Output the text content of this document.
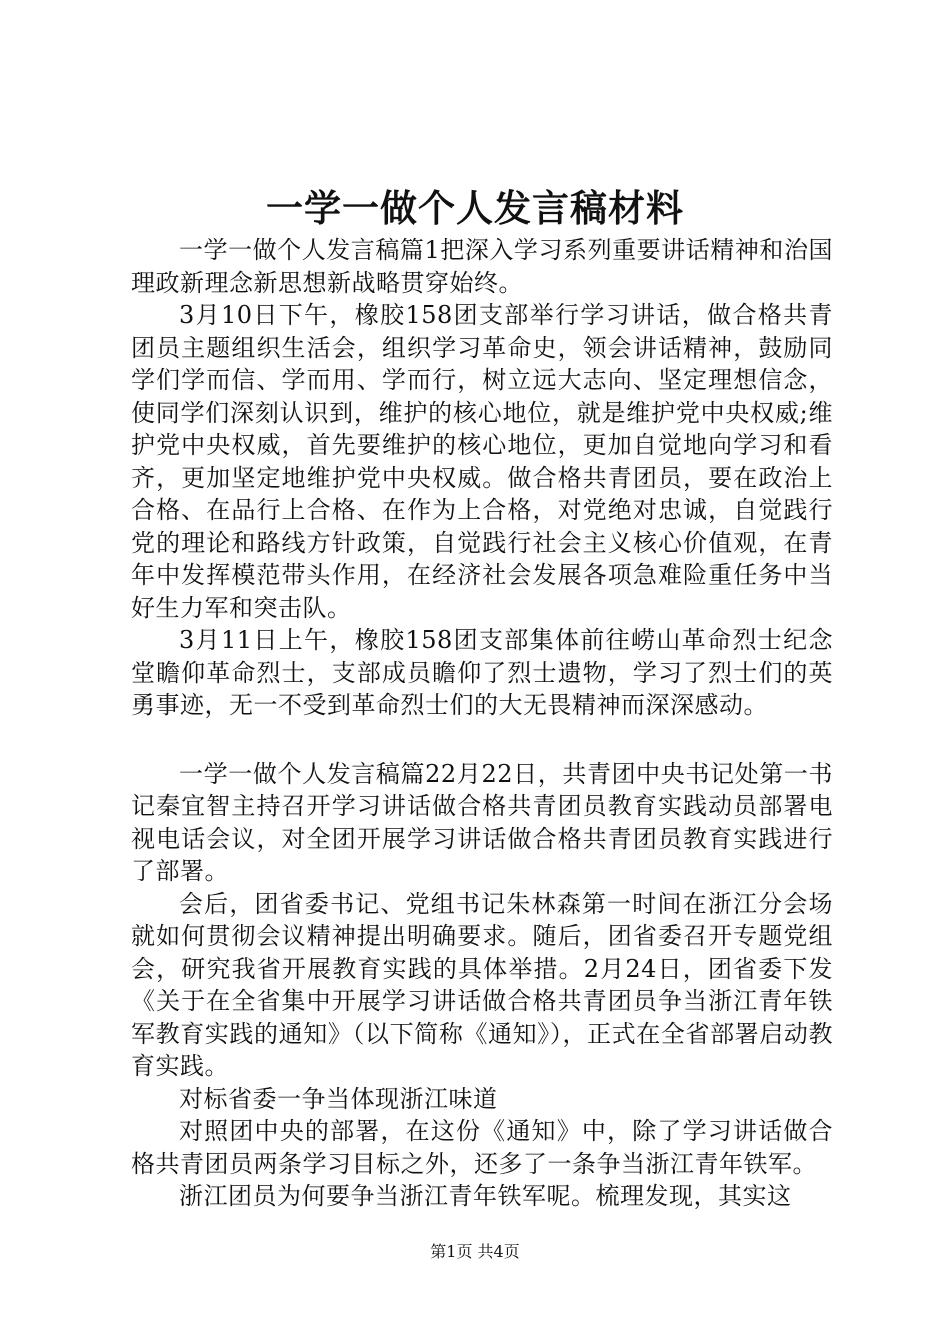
一学一做个人发言稿材料

一学一做个人发言稿篇1把深入学习系列重要讲话精神和治国理政新理念新思想新战略贯穿始终。

3月10日下午，橡胶158团支部举行学习讲话，做合格共青团员主题组织生活会，组织学习革命史，领会讲话精神，鼓励同学们学而信、学而用、学而行，树立远大志向、坚定理想信念，使同学们深刻认识到，维护的核心地位，就是维护党中央权威;维护党中央权威，首先要维护的核心地位，更加自觉地向学习和看齐，更加坚定地维护党中央权威。做合格共青团员，要在政治上合格、在品行上合格、在作为上合格，对党绝对忠诚，自觉践行党的理论和路线方针政策，自觉践行社会主义核心价值观，在青年中发挥模范带头作用，在经济社会发展各项急难险重任务中当好生力军和突击队。

3月11日上午，橡胶158团支部集体前往崂山革命烈士纪念堂瞻仰革命烈士，支部成员瞻仰了烈士遗物，学习了烈士们的英勇事迹，无一不受到革命烈士们的大无畏精神而深深感动。

一学一做个人发言稿篇22月22日，共青团中央书记处第一书记秦宜智主持召开学习讲话做合格共青团员教育实践动员部署电视电话会议，对全团开展学习讲话做合格共青团员教育实践进行了部署。

会后，团省委书记、党组书记朱林森第一时间在浙江分会场就如何贯彻会议精神提出明确要求。随后，团省委召开专题党组会，研究我省开展教育实践的具体举措。2月24日，团省委下发《关于在全省集中开展学习讲话做合格共青团员争当浙江青年铁军教育实践的通知》（以下简称《通知》），正式在全省部署启动教育实践。

对标省委一争当体现浙江味道

对照团中央的部署，在这份《通知》中，除了学习讲话做合格共青团员两条学习目标之外，还多了一条争当浙江青年铁军。

浙江团员为何要争当浙江青年铁军呢。梳理发现，其实这

第1页 共4页
